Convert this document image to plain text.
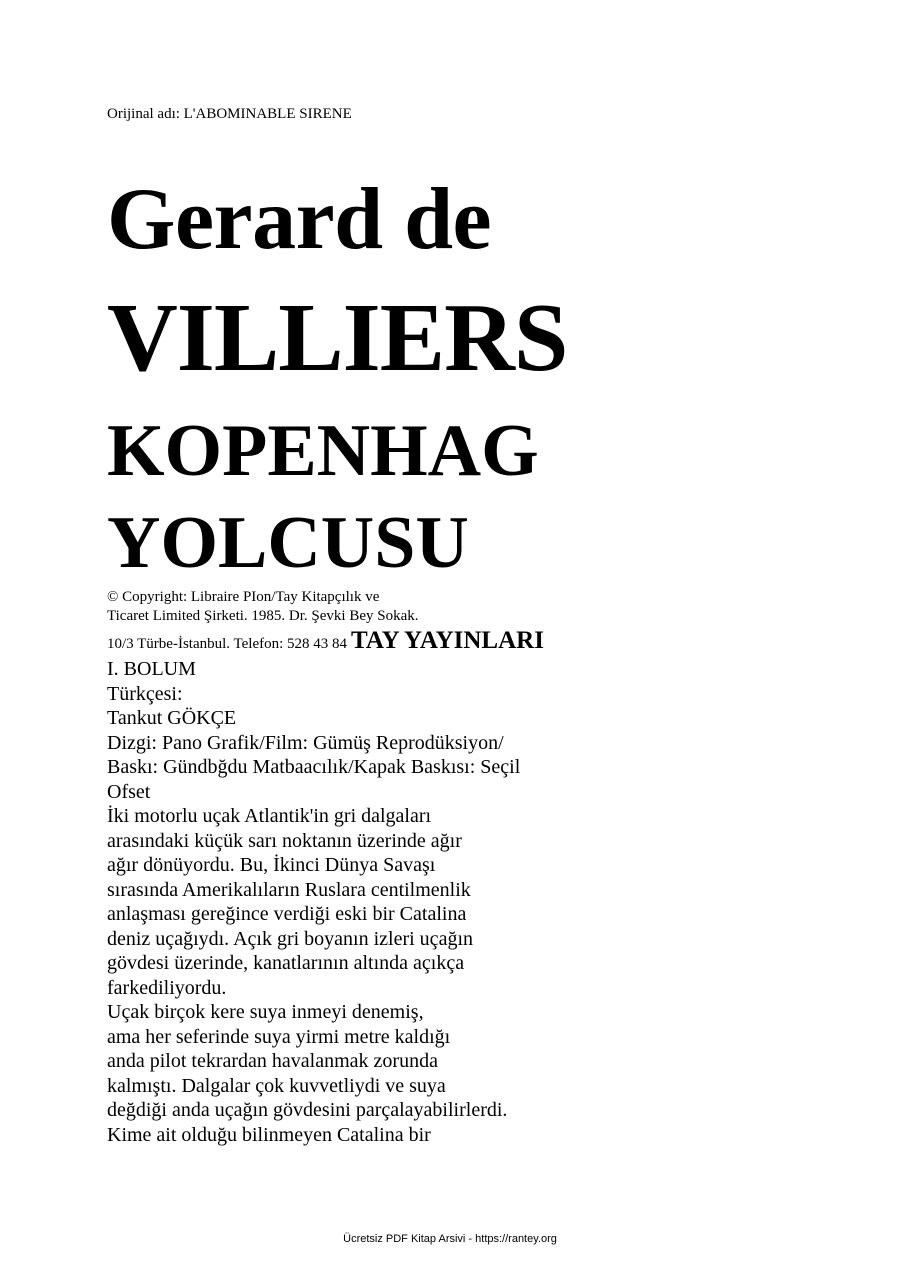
Orijinal adı: L'ABOMINABLE SIRENE
Gerard de
VILLIERS
KOPENHAG
YOLCUSU
© Copyright: Libraire PIon/Tay Kitapçılık ve
Ticaret Limited Şirketi. 1985. Dr. Şevki Bey Sokak.
10/3 Türbe-İstanbul. Telefon: 528 43 84 TAY YAYINLARI
I. BOLUM
Türkçesi:
Tankut GÖKÇE
Dizgi: Pano Grafik/Film: Gümüş Reprodüksiyon/
Baskı: Gündbğdu Matbaacılık/Kapak Baskısı: Seçil
Ofset
İki motorlu uçak Atlantik'in gri dalgaları
arasındaki küçük sarı noktanın üzerinde ağır
ağır dönüyordu. Bu, İkinci Dünya Savaşı
sırasında Amerikalıların Ruslara centilmenlik
anlaşması gereğince verdiği eski bir Catalina
deniz uçağıydı. Açık gri boyanın izleri uçağın
gövdesi üzerinde, kanatlarının altında açıkça
farkediliyordu.
Uçak birçok kere suya inmeyi denemiş,
ama her seferinde suya yirmi metre kaldığı
anda pilot tekrardan havalanmak zorunda
kalmıştı. Dalgalar çok kuvvetliydi ve suya
değdiği anda uçağın gövdesini parçalayabilirlerdi.
Kime ait olduğu bilinmeyen Catalina bir
Ücretsiz PDF Kitap Arsivi - https://rantey.org
